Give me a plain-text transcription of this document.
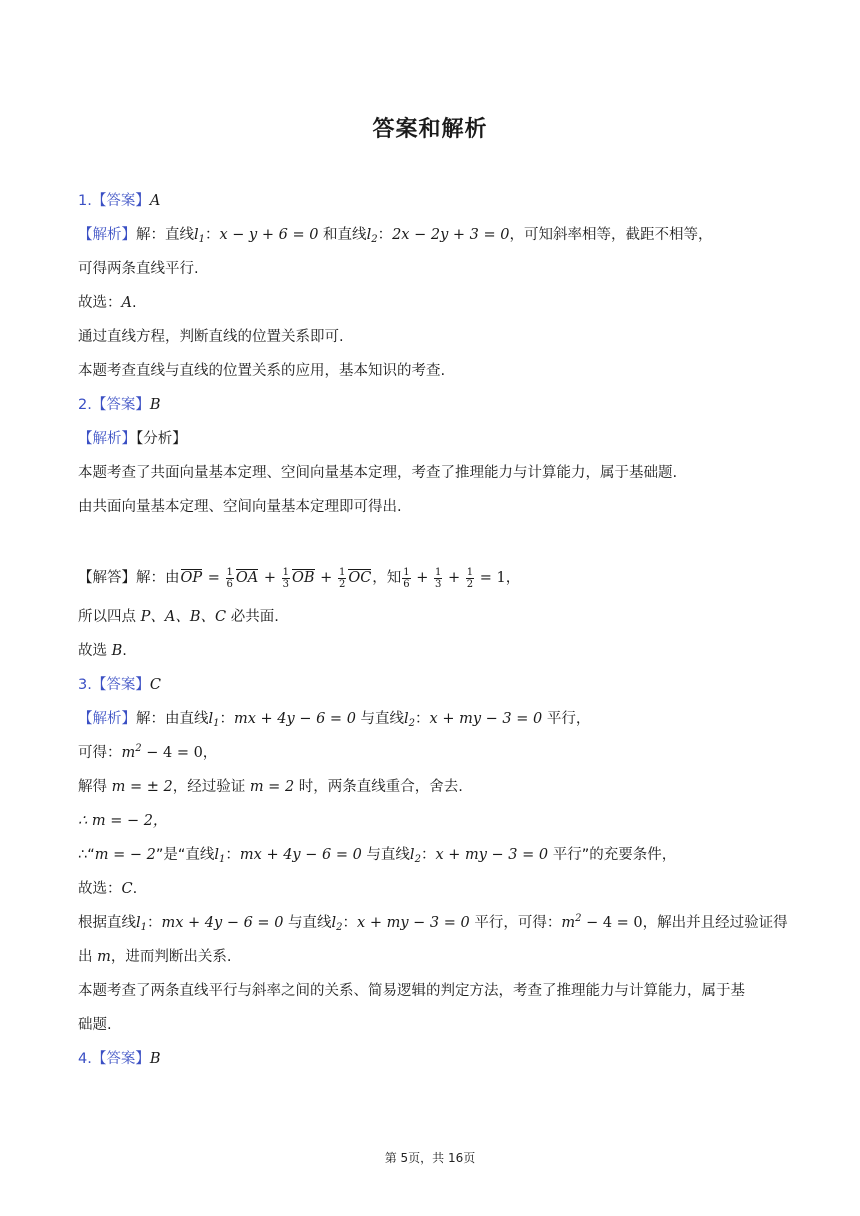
答案和解析
1.【答案】A
【解析】解：直线$l_1$：x − y + 6 = 0 和直线$l_2$：2x − 2y + 3 = 0，可知斜率相等，截距不相等，
可得两条直线平行.
故选：A.
通过直线方程，判断直线的位置关系即可.
本题考查直线与直线的位置关系的应用，基本知识的考查.
2.【答案】B
【解析】【分析】
本题考查了共面向量基本定理、空间向量基本定理，考查了推理能力与计算能力，属于基础题.
由共面向量基本定理、空间向量基本定理即可得出.
【解答】解：由OP = $\frac{1}{6}$ OA + $\frac{1}{3}$ OB + $\frac{1}{2}$ OC，知 $\frac{1}{6} + \frac{1}{3} + \frac{1}{2} = 1$，
所以四点 P、A、B、C 必共面.
故选 B.
3.【答案】C
【解析】解：由直线$l_1$：mx + 4y − 6 = 0 与直线$l_2$：x + my − 3 = 0 平行，
可得：$m^2 - 4 = 0$，
解得 m = ± 2，经过验证 m = 2 时，两条直线重合，舍去.
∴ m = − 2，
∴“m = − 2”是“直线$l_1$：mx + 4y − 6 = 0 与直线$l_2$：x + my − 3 = 0 平行”的充要条件，
故选：C.
根据直线$l_1$：mx + 4y − 6 = 0 与直线$l_2$：x + my − 3 = 0 平行，可得：$m^2 - 4 = 0$，解出并且经过验证得
出 m，进而判断出关系.
本题考查了两条直线平行与斜率之间的关系、简易逻辑的判定方法，考查了推理能力与计算能力，属于基
础题.
4.【答案】B
第 5页，共 16页
